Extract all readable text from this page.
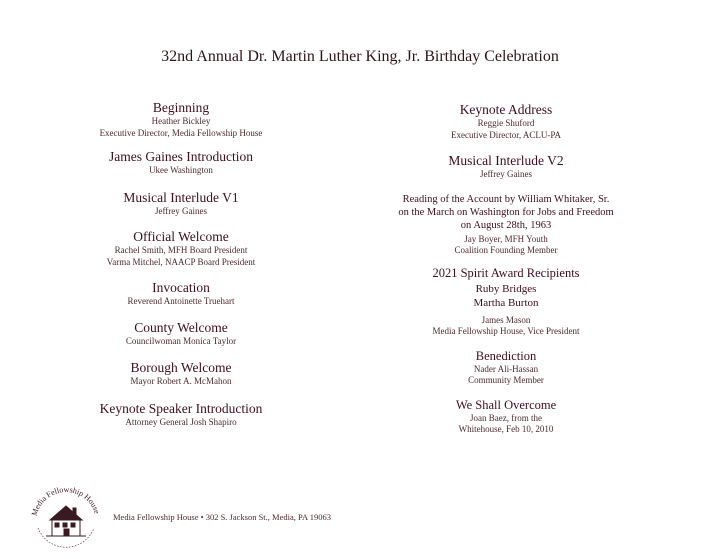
32nd Annual Dr. Martin Luther King, Jr. Birthday Celebration
Beginning
Heather Bickley
Executive Director, Media Fellowship House
James Gaines Introduction
Ukee Washington
Musical Interlude V1
Jeffrey Gaines
Official Welcome
Rachel Smith, MFH Board President
Varma Mitchel, NAACP Board President
Invocation
Reverend Antoinette Truehart
County Welcome
Councilwoman Monica Taylor
Borough Welcome
Mayor Robert A. McMahon
Keynote Speaker Introduction
Attorney General Josh Shapiro
Keynote Address
Reggie Shuford
Executive Director, ACLU-PA
Musical Interlude V2
Jeffrey Gaines
Reading of the Account by William Whitaker, Sr.
on the March on Washington for Jobs and Freedom
on August 28th, 1963
Jay Boyer, MFH Youth
Coalition Founding Member
2021 Spirit Award Recipients
Ruby Bridges
Martha Burton
James Mason
Media Fellowship House, Vice President
Benediction
Nader Ali-Hassan
Community Member
We Shall Overcome
Joan Baez, from the
Whitehouse, Feb 10, 2010
Media Fellowship House
Media Fellowship House • 302 S. Jackson St., Media, PA 19063
